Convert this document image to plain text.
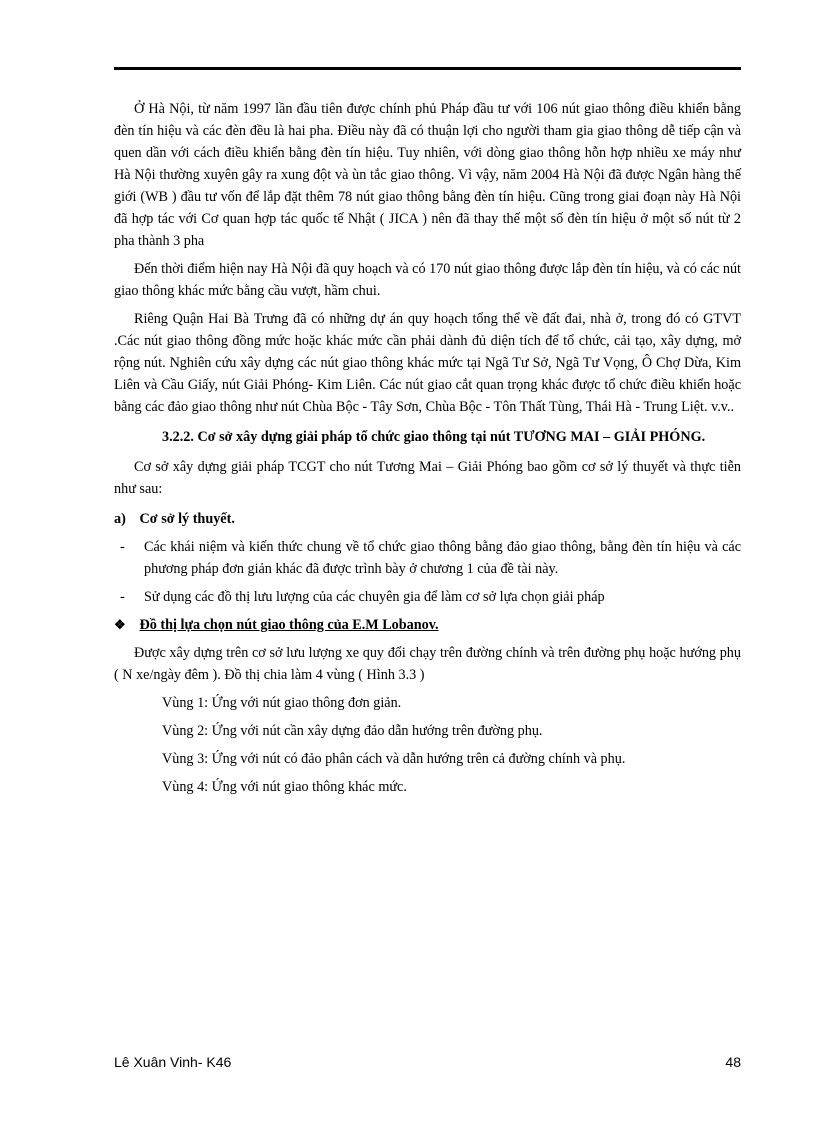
Ở Hà Nội, từ năm 1997 lần đầu tiên được chính phủ Pháp đầu tư với 106 nút giao thông điều khiển bằng đèn tín hiệu và các đèn đều là hai pha. Điều này đã có thuận lợi cho người tham gia giao thông dễ tiếp cận và quen dần với cách điều khiển bằng đèn tín hiệu. Tuy nhiên, với dòng giao thông hỗn hợp nhiều xe máy như Hà Nội thường xuyên gây ra xung đột và ùn tắc giao thông. Vì vậy, năm 2004 Hà Nội đã được Ngân hàng thế giới (WB ) đầu tư vốn để lắp đặt thêm 78 nút giao thông bằng đèn tín hiệu. Cũng trong giai đoạn này Hà Nội đã hợp tác với Cơ quan hợp tác quốc tế Nhật ( JICA ) nên đã thay thế một số đèn tín hiệu ở một số nút từ 2 pha thành 3 pha

Đến thời điểm hiện nay Hà Nội đã quy hoạch và có 170 nút giao thông được lắp đèn tín hiệu, và có các nút giao thông khác mức bằng cầu vượt, hầm chui.

Riêng Quận Hai Bà Trưng đã có những dự án quy hoạch tổng thể về đất đai, nhà ở, trong đó có GTVT .Các nút giao thông đồng mức hoặc khác mức cần phải dành đủ diện tích để tổ chức, cải tạo, xây dựng, mở rộng nút. Nghiên cứu xây dựng các nút giao thông khác mức tại Ngã Tư Sở, Ngã Tư Vọng, Ô Chợ Dừa, Kim Liên và Cầu Giấy, nút Giải Phóng- Kim Liên. Các nút giao cắt quan trọng khác được tổ chức điều khiển hoặc bằng các đảo giao thông như nút Chùa Bộc - Tây Sơn, Chùa Bộc - Tôn Thất Tùng, Thái Hà - Trung Liệt. v.v..

3.2.2. Cơ sở xây dựng giải pháp tổ chức giao thông tại nút TƯƠNG MAI – GIẢI PHÓNG.

Cơ sở xây dựng giải pháp TCGT cho nút Tương Mai – Giải Phóng bao gồm cơ sở lý thuyết và thực tiễn như sau:

a) Cơ sở lý thuyết.

- Các khái niệm và kiến thức chung về tổ chức giao thông bằng đảo giao thông, bằng đèn tín hiệu và các phương pháp đơn giản khác đã được trình bày ở chương 1 của đề tài này.
- Sử dụng các đồ thị lưu lượng của các chuyên gia để làm cơ sở lựa chọn giải pháp

❖ Đồ thị lựa chọn nút giao thông của E.M Lobanov.

Được xây dựng trên cơ sở lưu lượng xe quy đổi chạy trên đường chính và trên đường phụ hoặc hướng phụ ( N xe/ngày đêm ). Đồ thị chia làm 4 vùng ( Hình 3.3 )

Vùng 1: Ứng với nút giao thông đơn giản.

Vùng 2: Ứng với nút cần xây dựng đảo dẫn hướng trên đường phụ.

Vùng 3: Ứng với nút có đảo phân cách và dẫn hướng trên cả đường chính và phụ.

Vùng 4: Ứng với nút giao thông khác mức.

Lê Xuân Vinh- K46	48
